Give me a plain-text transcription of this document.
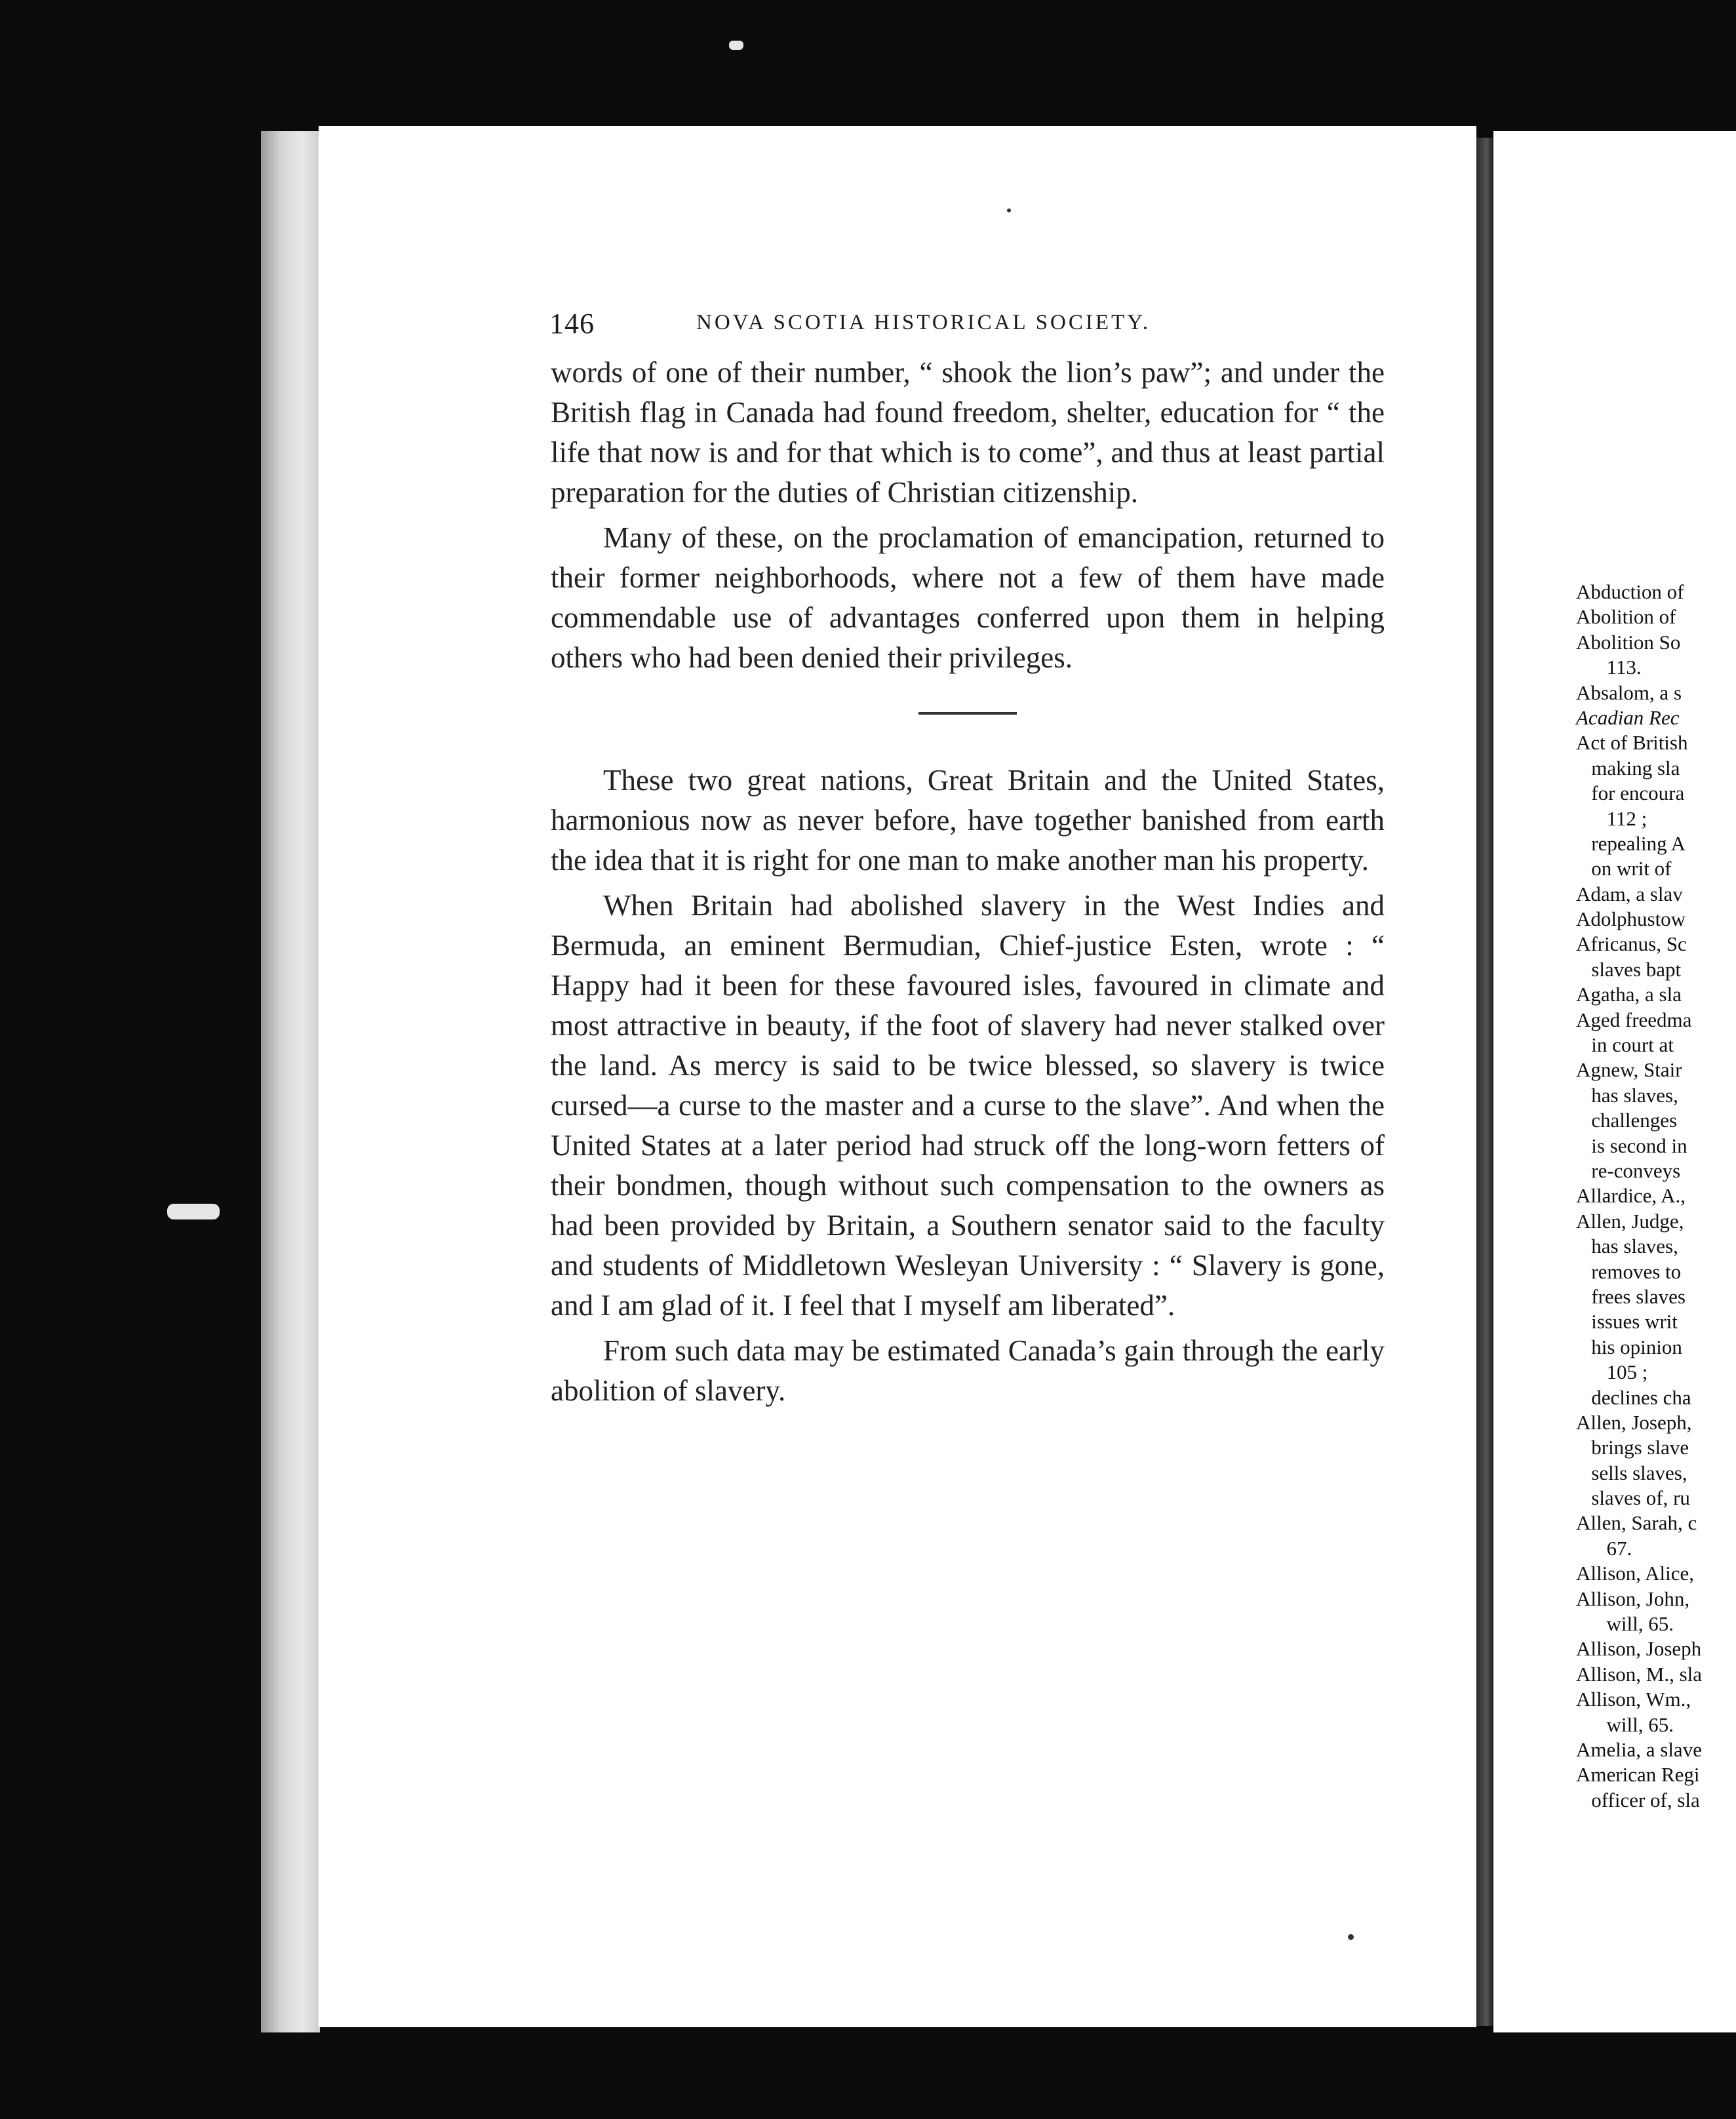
146	NOVA SCOTIA HISTORICAL SOCIETY.

words of one of their number, “ shook the lion’s paw”; and under the British flag in Canada had found freedom, shelter, education for “ the life that now is and for that which is to come”, and thus at least partial preparation for the duties of Christian citizenship.

Many of these, on the proclamation of emancipation, returned to their former neighborhoods, where not a few of them have made commendable use of advantages conferred upon them in helping others who had been denied their privileges.

These two great nations, Great Britain and the United States, harmonious now as never before, have together banished from earth the idea that it is right for one man to make another man his property.

When Britain had abolished slavery in the West Indies and Bermuda, an eminent Bermudian, Chief-justice Esten, wrote : “ Happy had it been for these favoured isles, favoured in climate and most attractive in beauty, if the foot of slavery had never stalked over the land. As mercy is said to be twice blessed, so slavery is twice cursed—a curse to the master and a curse to the slave”. And when the United States at a later period had struck off the long-worn fetters of their bondmen, though without such compensation to the owners as had been provided by Britain, a Southern senator said to the faculty and students of Middletown Wesleyan University : “ Slavery is gone, and I am glad of it. I feel that I myself am liberated”.

From such data may be estimated Canada’s gain through the early abolition of slavery.

Abduction of
Abolition of
Abolition So
113.
Absalom, a s
Acadian Rec
Act of British
making sla
for encoura
112 ;
repealing A
on writ of
Adam, a slav
Adolphustow
Africanus, Sc
slaves bapt
Agatha, a sla
Aged freedma
in court at
Agnew, Stair
has slaves,
challenges
is second in
re-conveys
Allardice, A.,
Allen, Judge,
has slaves,
removes to
frees slaves
issues writ
his opinion
105 ;
declines cha
Allen, Joseph,
brings slave
sells slaves,
slaves of, ru
Allen, Sarah, c
67.
Allison, Alice,
Allison, John,
will, 65.
Allison, Joseph
Allison, M., sla
Allison, Wm.,
will, 65.
Amelia, a slave
American Regi
officer of, sla
